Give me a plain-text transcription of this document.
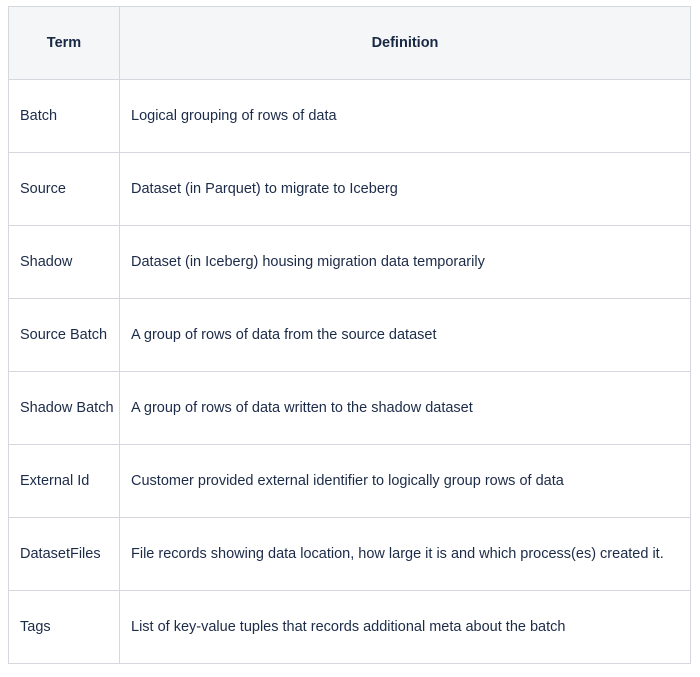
Term	Definition
Batch	Logical grouping of rows of data
Source	Dataset (in Parquet) to migrate to Iceberg
Shadow	Dataset (in Iceberg) housing migration data temporarily
Source Batch	A group of rows of data from the source dataset
Shadow Batch	A group of rows of data written to the shadow dataset
External Id	Customer provided external identifier to logically group rows of data
DatasetFiles	File records showing data location, how large it is and which process(es) created it.
Tags	List of key-value tuples that records additional meta about the batch
